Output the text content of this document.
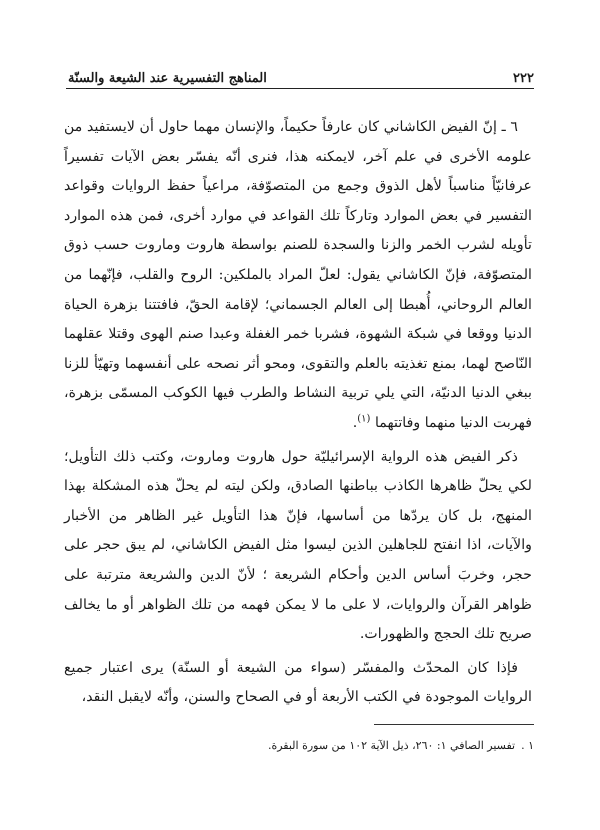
٢٢٢
المناهج التفسيرية عند الشيعة والسنّة

٦ ـ إنّ الفيض الكاشاني كان عارفاً حكيماً، والإنسان مهما حاول أن لايستفيد من علومه الأخرى في علم آخر، لايمكنه هذا، فنرى أنّه يفسّر بعض الآيات تفسيراً عرفانيّاً مناسباً لأهل الذوق وجمع من المتصوّفة، مراعياً حفظ الروايات وقواعد التفسير في بعض الموارد وتاركاً تلك القواعد في موارد أخرى، فمن هذه الموارد تأويله لشرب الخمر والزنا والسجدة للصنم بواسطة هاروت وماروت حسب ذوق المتصوّفة، فإنّ الكاشاني يقول: لعلّ المراد بالملكين: الروح والقلب، فإنّهما من العالم الروحاني، أُهبطا إلى العالم الجسماني؛ لإقامة الحقّ، فافتتنا بزهرة الحياة الدنيا ووقعا في شبكة الشهوة، فشربا خمر الغفلة وعبدا صنم الهوى وقتلا عقلهما النّاصح لهما، بمنع تغذيته بالعلم والتقوى، ومحو أثر نصحه على أنفسهما وتهيّأ للزنا ببغي الدنيا الدنيّة، التي يلي تربية النشاط والطرب فيها الكوكب المسمّى بزهرة، فهربت الدنيا منهما وفاتتهما $^{(١)}$.

ذكر الفيض هذه الرواية الإسرائيليّة حول هاروت وماروت، وكتب ذلك التأويل؛ لكي يحلّ ظاهرها الكاذب بباطنها الصادق، ولكن ليته لم يحلّ هذه المشكلة بهذا المنهج، بل كان يردّها من أساسها، فإنّ هذا التأويل غير الظاهر من الأخبار والآيات، اذا انفتح للجاهلين الذين ليسوا مثل الفيض الكاشاني، لم يبق حجر على حجر، وخربَ أساس الدين وأحكام الشريعة ؛ لأنّ الدين والشريعة مترتبة على ظواهر القرآن والروايات، لا على ما لا يمكن فهمه من تلك الظواهر أو ما يخالف صريح تلك الحجج والظهورات.

فإذا كان المحدّث والمفسّر (سواء من الشيعة أو السنّة) يرى اعتبار جميع الروايات الموجودة في الكتب الأربعة أو في الصحاح والسنن، وأنّه لايقبل النقد،

١ .تفسير الصافي ١: ٢٦٠، ذيل الآية ١٠٢ من سورة البقرة.
